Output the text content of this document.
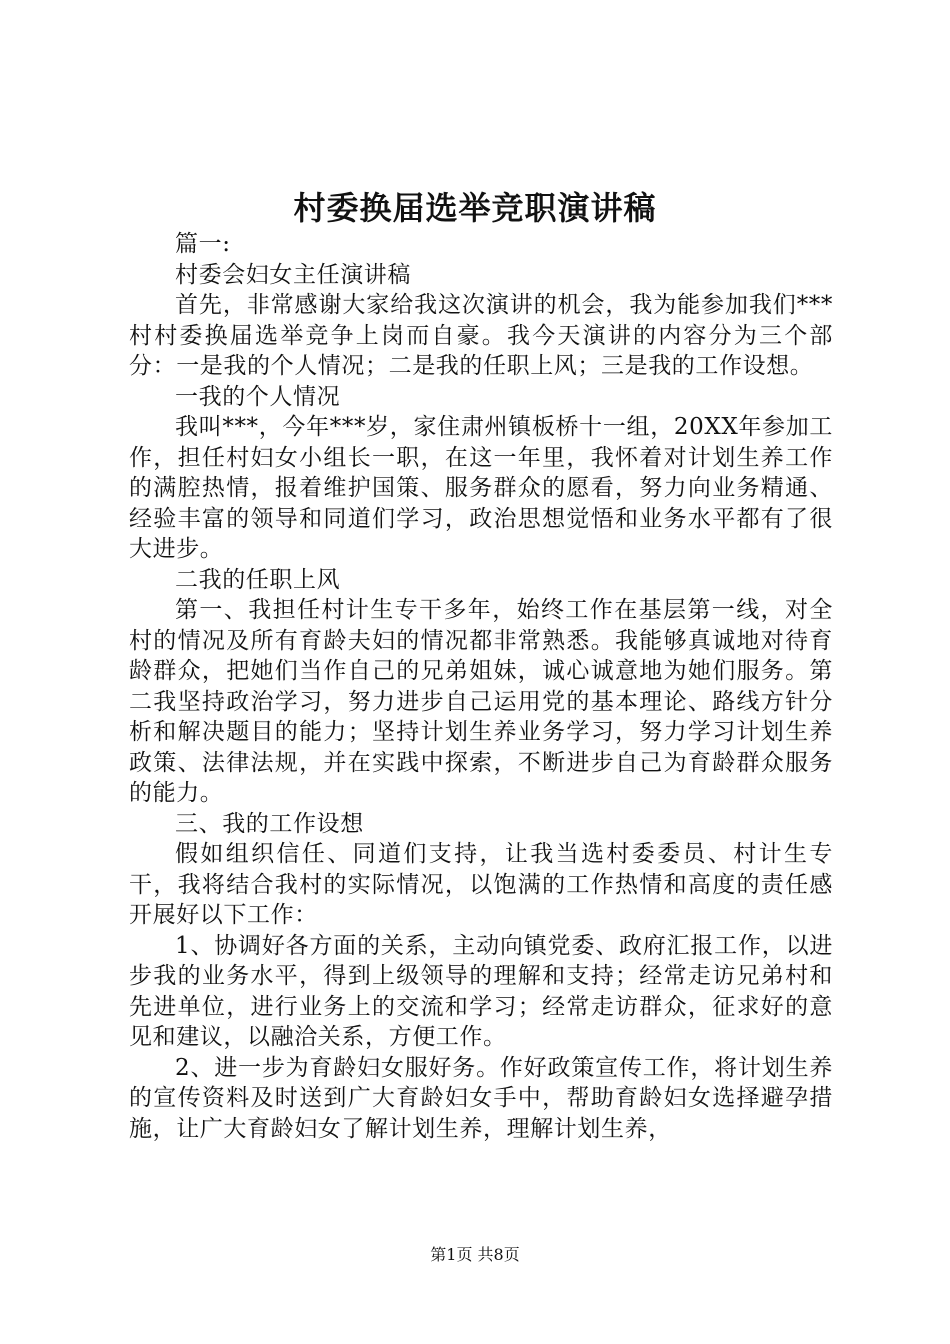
村委换届选举竞职演讲稿

篇一:

村委会妇女主任演讲稿

首先，非常感谢大家给我这次演讲的机会，我为能参加我们***村村委换届选举竞争上岗而自豪。我今天演讲的内容分为三个部分：一是我的个人情况；二是我的任职上风；三是我的工作设想。

一我的个人情况

我叫***，今年***岁，家住肃州镇板桥十一组，20XX年参加工作，担任村妇女小组长一职，在这一年里，我怀着对计划生养工作的满腔热情，报着维护国策、服务群众的愿看，努力向业务精通、经验丰富的领导和同道们学习，政治思想觉悟和业务水平都有了很大进步。

二我的任职上风

第一、我担任村计生专干多年，始终工作在基层第一线，对全村的情况及所有育龄夫妇的情况都非常熟悉。我能够真诚地对待育龄群众，把她们当作自己的兄弟姐妹，诚心诚意地为她们服务。第二我坚持政治学习，努力进步自己运用党的基本理论、路线方针分析和解决题目的能力；坚持计划生养业务学习，努力学习计划生养政策、法律法规，并在实践中探索，不断进步自己为育龄群众服务的能力。

三、我的工作设想

假如组织信任、同道们支持，让我当选村委委员、村计生专干，我将结合我村的实际情况，以饱满的工作热情和高度的责任感开展好以下工作：

1、协调好各方面的关系，主动向镇党委、政府汇报工作，以进步我的业务水平，得到上级领导的理解和支持；经常走访兄弟村和先进单位，进行业务上的交流和学习；经常走访群众，征求好的意见和建议，以融洽关系，方便工作。

2、进一步为育龄妇女服好务。作好政策宣传工作，将计划生养的宣传资料及时送到广大育龄妇女手中，帮助育龄妇女选择避孕措施，让广大育龄妇女了解计划生养，理解计划生养，

第1页 共8页
